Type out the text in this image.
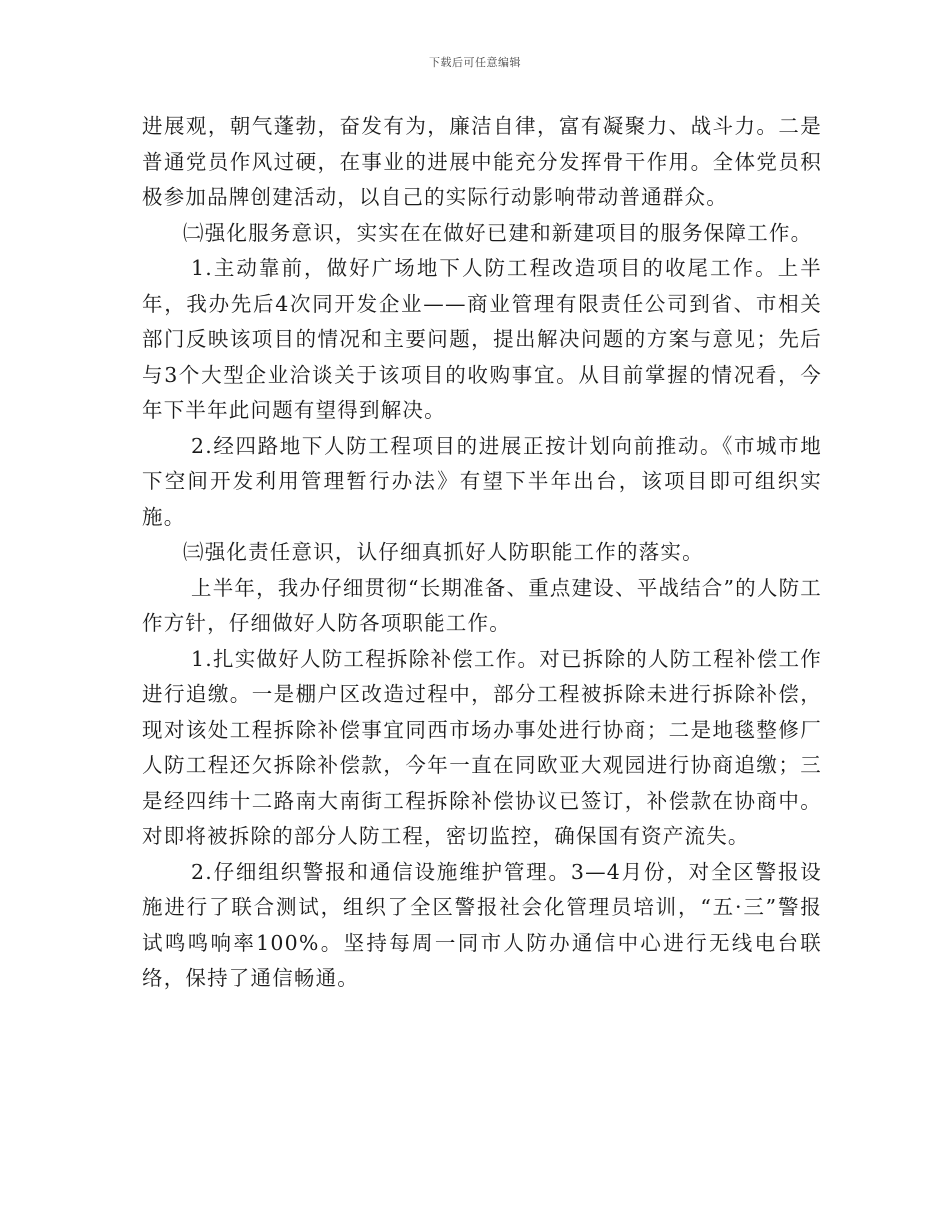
下载后可任意编辑

进展观，朝气蓬勃，奋发有为，廉洁自律，富有凝聚力、战斗力。二是普通党员作风过硬，在事业的进展中能充分发挥骨干作用。全体党员积极参加品牌创建活动，以自己的实际行动影响带动普通群众。

㈡强化服务意识，实实在在做好已建和新建项目的服务保障工作。

1.主动靠前，做好广场地下人防工程改造项目的收尾工作。上半年，我办先后4次同开发企业——商业管理有限责任公司到省、市相关部门反映该项目的情况和主要问题，提出解决问题的方案与意见；先后与3个大型企业洽谈关于该项目的收购事宜。从目前掌握的情况看，今年下半年此问题有望得到解决。

2.经四路地下人防工程项目的进展正按计划向前推动。《市城市地下空间开发利用管理暂行办法》有望下半年出台，该项目即可组织实施。

㈢强化责任意识，认仔细真抓好人防职能工作的落实。

上半年，我办仔细贯彻“长期准备、重点建设、平战结合”的人防工作方针，仔细做好人防各项职能工作。

1.扎实做好人防工程拆除补偿工作。对已拆除的人防工程补偿工作进行追缴。一是棚户区改造过程中，部分工程被拆除未进行拆除补偿，现对该处工程拆除补偿事宜同西市场办事处进行协商；二是地毯整修厂人防工程还欠拆除补偿款，今年一直在同欧亚大观园进行协商追缴；三是经四纬十二路南大南街工程拆除补偿协议已签订，补偿款在协商中。对即将被拆除的部分人防工程，密切监控，确保国有资产流失。

2.仔细组织警报和通信设施维护管理。3—4月份，对全区警报设施进行了联合测试，组织了全区警报社会化管理员培训，“五·三”警报试鸣鸣响率100%。坚持每周一同市人防办通信中心进行无线电台联络，保持了通信畅通。
